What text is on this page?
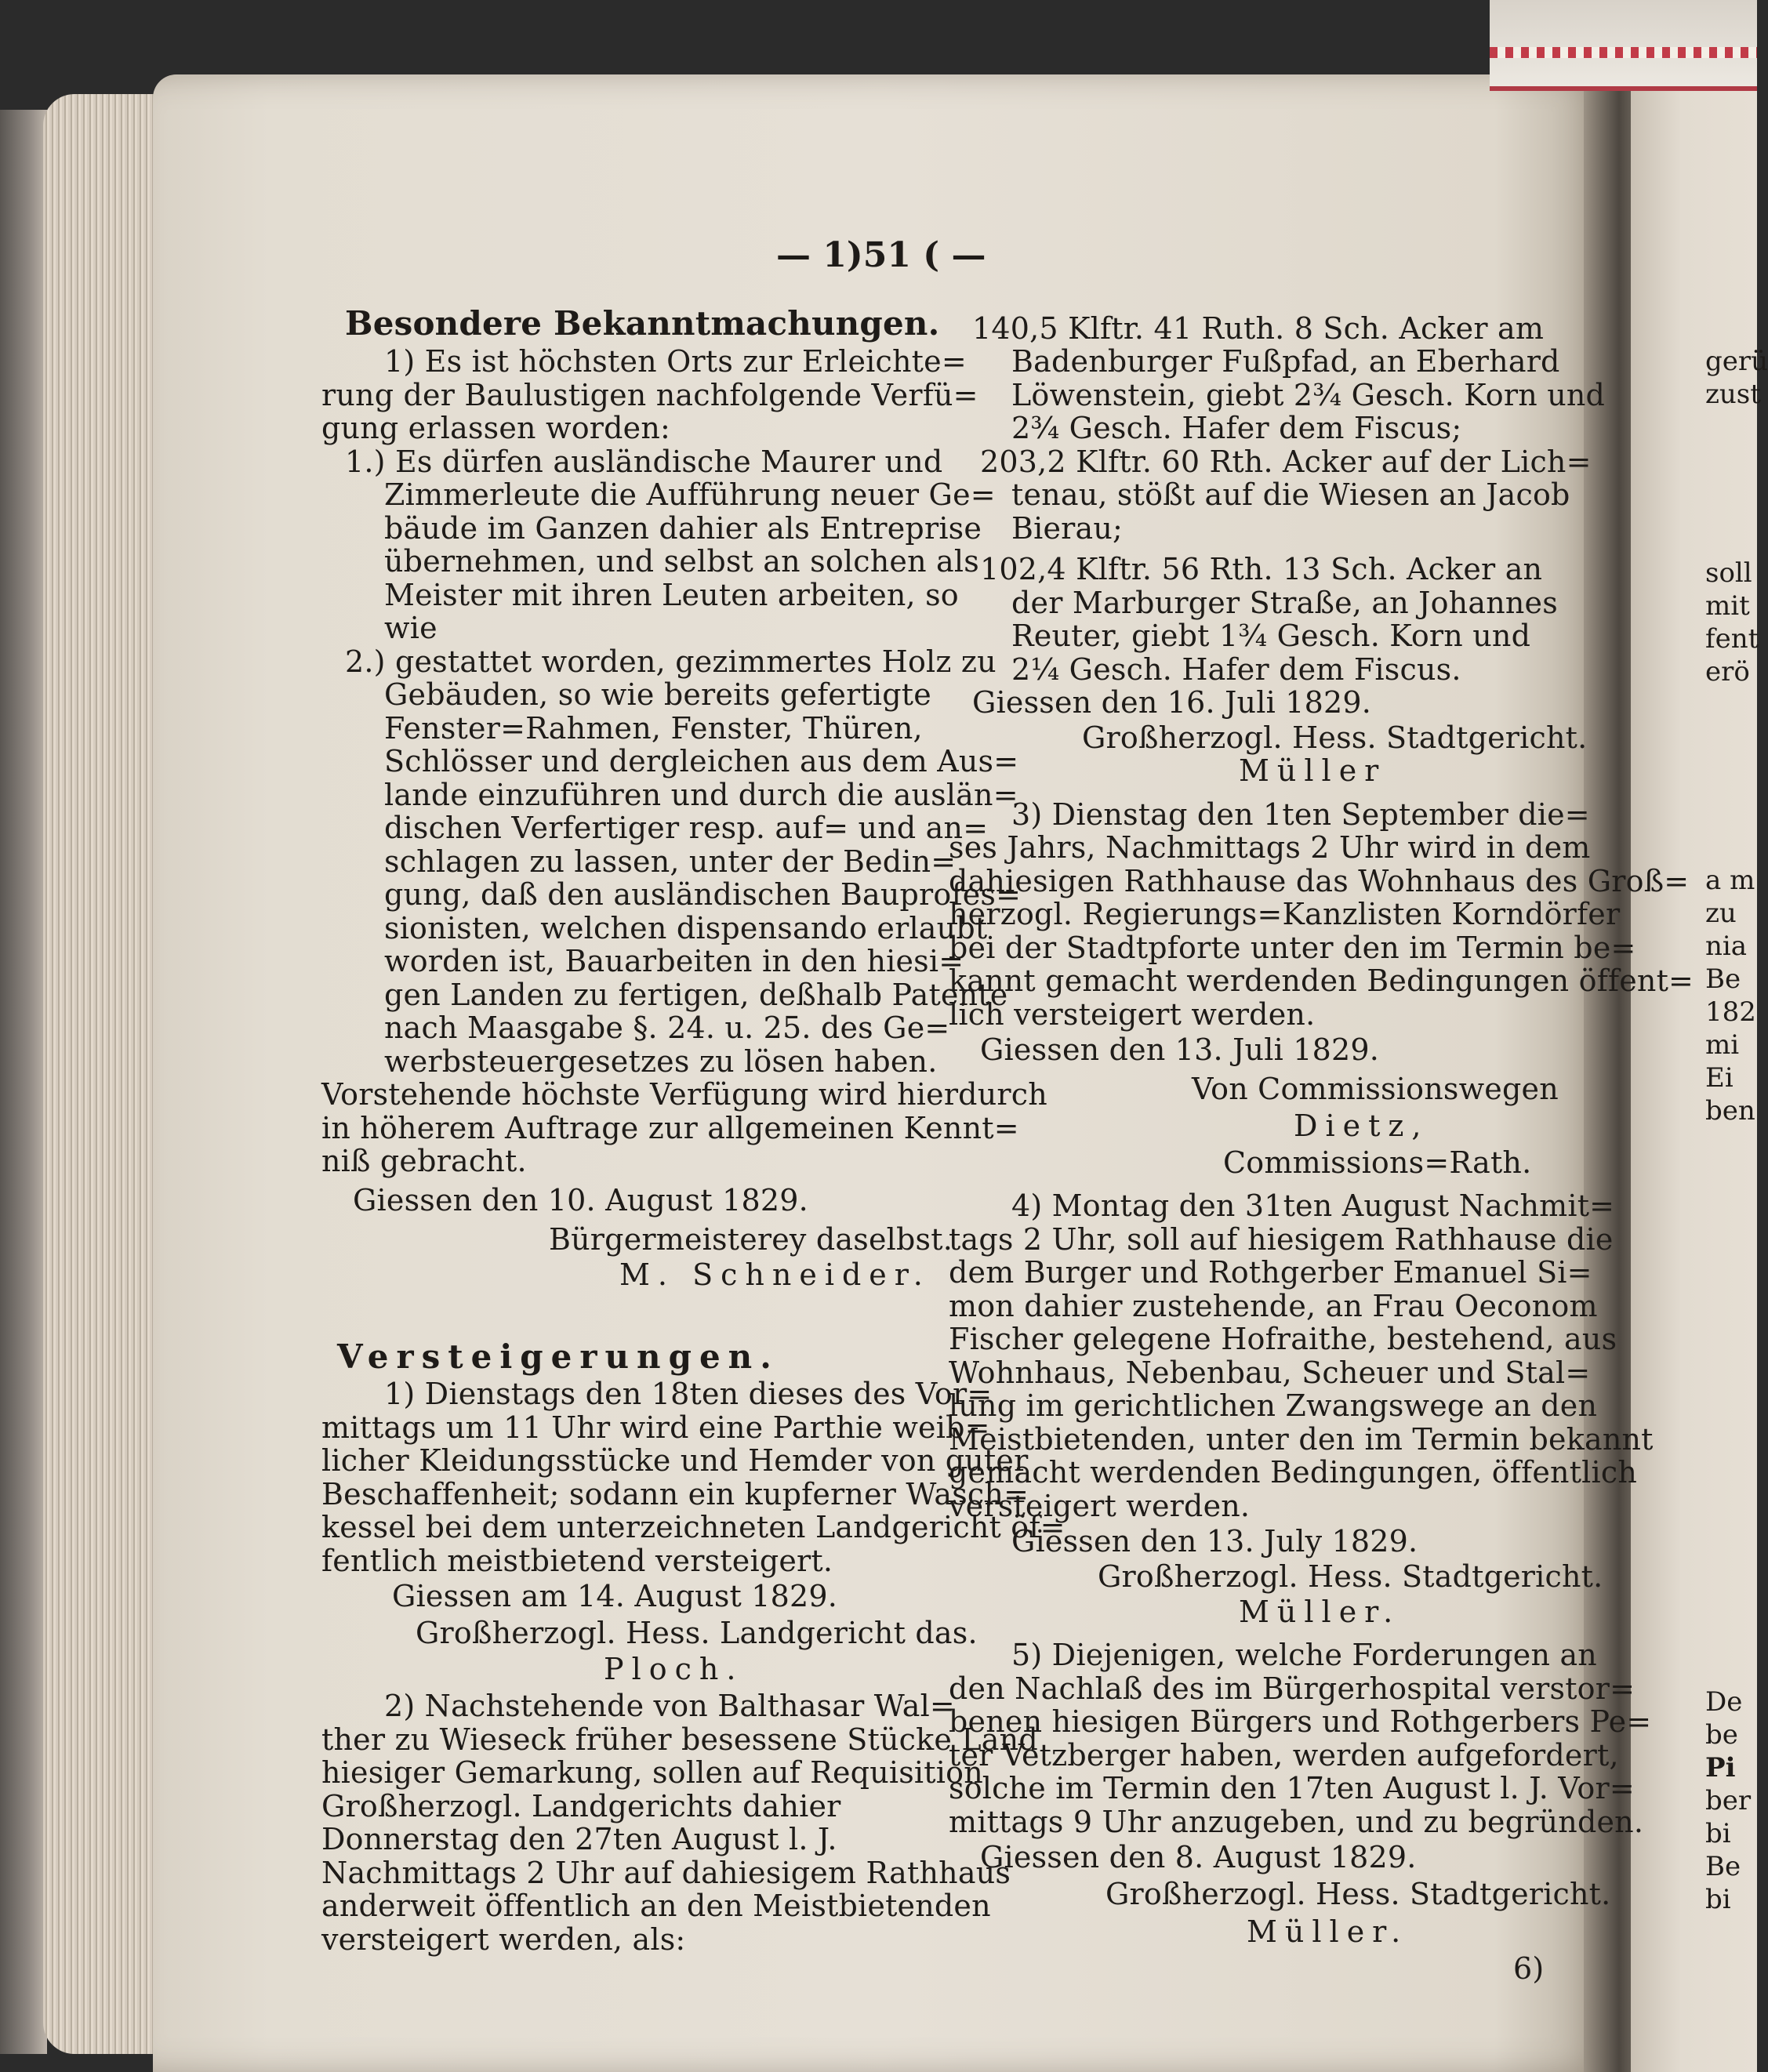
— 1)51 ( —
Besondere Bekanntmachungen.
1) Es ist höchsten Orts zur Erleichte=
rung der Baulustigen nachfolgende Verfü=
gung erlassen worden:
1.) Es dürfen ausländische Maurer und
Zimmerleute die Aufführung neuer Ge=
bäude im Ganzen dahier als Entreprise
übernehmen, und selbst an solchen als
Meister mit ihren Leuten arbeiten, so
wie
2.) gestattet worden, gezimmertes Holz zu
Gebäuden, so wie bereits gefertigte
Fenster=Rahmen, Fenster, Thüren,
Schlösser und dergleichen aus dem Aus=
lande einzuführen und durch die auslän=
dischen Verfertiger resp. auf= und an=
schlagen zu lassen, unter der Bedin=
gung, daß den ausländischen Bauprofes=
sionisten, welchen dispensando erlaubt
worden ist, Bauarbeiten in den hiesi=
gen Landen zu fertigen, deßhalb Patente
nach Maasgabe §. 24. u. 25. des Ge=
werbsteuergesetzes zu lösen haben.
Vorstehende höchste Verfügung wird hierdurch
in höherem Auftrage zur allgemeinen Kennt=
niß gebracht.
Giessen den 10. August 1829.
Bürgermeisterey daselbst.
M. Schneider.
Versteigerungen.
1) Dienstags den 18ten dieses des Vor=
mittags um 11 Uhr wird eine Parthie weib=
licher Kleidungsstücke und Hemder von guter
Beschaffenheit; sodann ein kupferner Wasch=
kessel bei dem unterzeichneten Landgericht öf=
fentlich meistbietend versteigert.
Giessen am 14. August 1829.
Großherzogl. Hess. Landgericht das.
Ploch.
2) Nachstehende von Balthasar Wal=
ther zu Wieseck früher besessene Stücke Land
hiesiger Gemarkung, sollen auf Requisition
Großherzogl. Landgerichts dahier
Donnerstag den 27ten August l. J.
Nachmittags 2 Uhr auf dahiesigem Rathhaus
anderweit öffentlich an den Meistbietenden
versteigert werden, als:
140,5 Klftr. 41 Ruth. 8 Sch. Acker am
Badenburger Fußpfad, an Eberhard
Löwenstein, giebt 2¾ Gesch. Korn und
2¾ Gesch. Hafer dem Fiscus;
203,2 Klftr. 60 Rth. Acker auf der Lich=
tenau, stößt auf die Wiesen an Jacob
Bierau;
102,4 Klftr. 56 Rth. 13 Sch. Acker an
der Marburger Straße, an Johannes
Reuter, giebt 1¾ Gesch. Korn und
2¼ Gesch. Hafer dem Fiscus.
Giessen den 16. Juli 1829.
Großherzogl. Hess. Stadtgericht.
Müller
3) Dienstag den 1ten September die=
ses Jahrs, Nachmittags 2 Uhr wird in dem
dahiesigen Rathhause das Wohnhaus des Groß=
herzogl. Regierungs=Kanzlisten Korndörfer
bei der Stadtpforte unter den im Termin be=
kannt gemacht werdenden Bedingungen öffent=
lich versteigert werden.
Giessen den 13. Juli 1829.
Von Commissionswegen
Dietz,
Commissions=Rath.
4) Montag den 31ten August Nachmit=
tags 2 Uhr, soll auf hiesigem Rathhause die
dem Burger und Rothgerber Emanuel Si=
mon dahier zustehende, an Frau Oeconom
Fischer gelegene Hofraithe, bestehend, aus
Wohnhaus, Nebenbau, Scheuer und Stal=
lung im gerichtlichen Zwangswege an den
Meistbietenden, unter den im Termin bekannt
gemacht werdenden Bedingungen, öffentlich
versteigert werden.
Giessen den 13. July 1829.
Großherzogl. Hess. Stadtgericht.
Müller.
5) Diejenigen, welche Forderungen an
den Nachlaß des im Bürgerhospital verstor=
benen hiesigen Bürgers und Rothgerbers Pe=
ter Vetzberger haben, werden aufgefordert,
solche im Termin den 17ten August l. J. Vor=
mittags 9 Uhr anzugeben, und zu begründen.
Giessen den 8. August 1829.
Großherzogl. Hess. Stadtgericht.
Müller.
6)
gerü
zust
soll
mit
fent
erö
a m
zu
nia
Be
182
mi
Ei
ben
De
be
Pi
ber
bi
Be
bi
